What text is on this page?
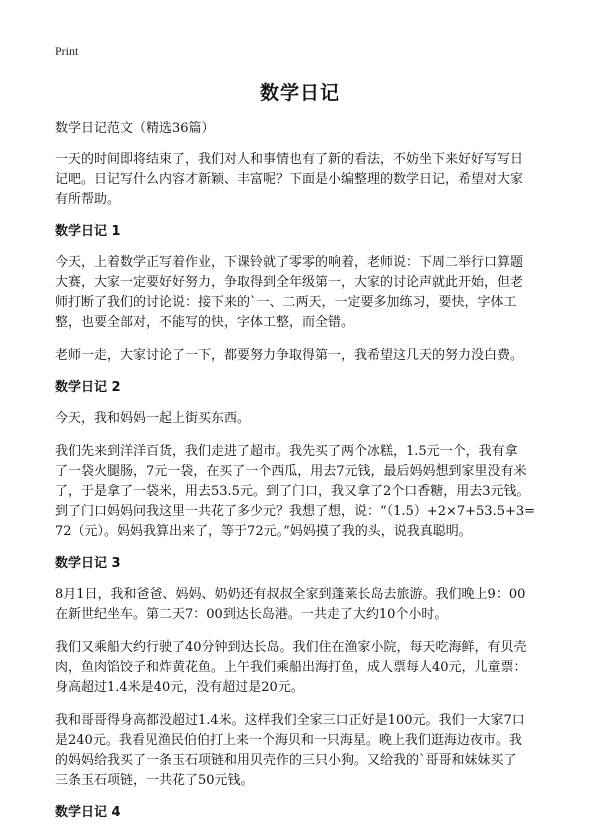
Print
数学日记
数学日记范文（精选36篇）
一天的时间即将结束了，我们对人和事情也有了新的看法，不妨坐下来好好写写日
记吧。日记写什么内容才新颖、丰富呢？下面是小编整理的数学日记，希望对大家
有所帮助。
数学日记 1
今天，上着数学正写着作业，下课铃就了零零的响着，老师说：下周二举行口算题
大赛，大家一定要好好努力，争取得到全年级第一，大家的讨论声就此开始，但老
师打断了我们的讨论说：接下来的`一、二两天，一定要多加练习，要快，字体工
整，也要全部对，不能写的快，字体工整，而全错。
老师一走，大家讨论了一下，都要努力争取得第一，我希望这几天的努力没白费。
数学日记 2
今天，我和妈妈一起上街买东西。
我们先来到洋洋百货，我们走进了超市。我先买了两个冰糕，1.5元一个，我有拿
了一袋火腿肠，7元一袋，在买了一个西瓜，用去7元钱，最后妈妈想到家里没有米
了，于是拿了一袋米，用去53.5元。到了门口，我又拿了2个口香糖，用去3元钱。
到了门口妈妈问我这里一共花了多少元？我想了想，说：“（1.5）+2×7+53.5+3=
72（元）。妈妈我算出来了，等于72元。”妈妈摸了我的头，说我真聪明。
数学日记 3
8月1日，我和爸爸、妈妈、奶奶还有叔叔全家到蓬莱长岛去旅游。我们晚上9：00
在新世纪坐车。第二天7：00到达长岛港。一共走了大约10个小时。
我们又乘船大约行驶了40分钟到达长岛。我们住在渔家小院，每天吃海鲜，有贝壳
肉，鱼肉馅饺子和炸黄花鱼。上午我们乘船出海打鱼，成人票每人40元，儿童票：
身高超过1.4米是40元，没有超过是20元。
我和哥哥得身高都没超过1.4米。这样我们全家三口正好是100元。我们一大家7口
是240元。我看见渔民伯伯打上来一个海贝和一只海星。晚上我们逛海边夜市。我
的妈妈给我买了一条玉石项链和用贝壳作的三只小狗。又给我的`哥哥和妹妹买了
三条玉石项链，一共花了50元钱。
数学日记 4
